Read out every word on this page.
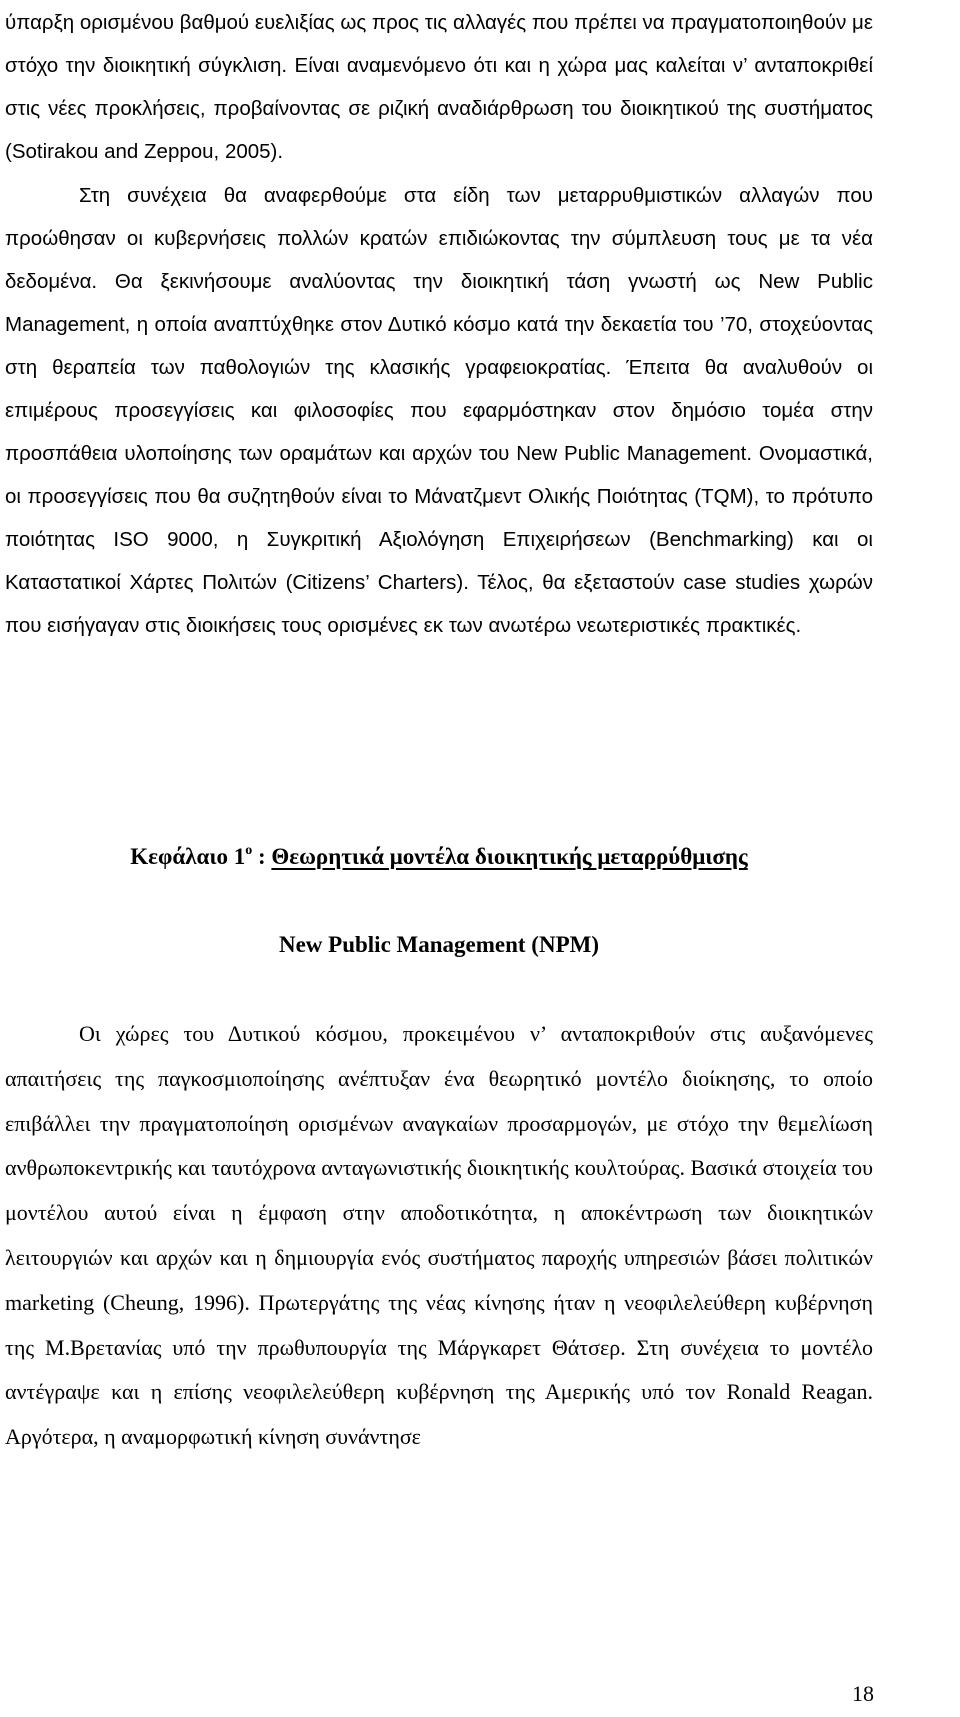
ύπαρξη ορισμένου βαθμού ευελιξίας ως προς τις αλλαγές που πρέπει να πραγματοποιηθούν με στόχο την διοικητική σύγκλιση. Είναι αναμενόμενο ότι και η χώρα μας καλείται ν’ ανταποκριθεί στις νέες προκλήσεις, προβαίνοντας σε ριζική αναδιάρθρωση του διοικητικού της συστήματος (Sotirakou and Zeppou, 2005).

Στη συνέχεια θα αναφερθούμε στα είδη των μεταρρυθμιστικών αλλαγών που προώθησαν οι κυβερνήσεις πολλών κρατών επιδιώκοντας την σύμπλευση τους με τα νέα δεδομένα. Θα ξεκινήσουμε αναλύοντας την διοικητική τάση γνωστή ως New Public Management, η οποία αναπτύχθηκε στον Δυτικό κόσμο κατά την δεκαετία του ’70, στοχεύοντας στη θεραπεία των παθολογιών της κλασικής γραφειοκρατίας. Έπειτα θα αναλυθούν οι επιμέρους προσεγγίσεις και φιλοσοφίες που εφαρμόστηκαν στον δημόσιο τομέα στην προσπάθεια υλοποίησης των οραμάτων και αρχών του New Public Management. Ονομαστικά, οι προσεγγίσεις που θα συζητηθούν είναι το Μάνατζμεντ Ολικής Ποιότητας (TQM), το πρότυπο ποιότητας ISO 9000, η Συγκριτική Αξιολόγηση Επιχειρήσεων (Benchmarking) και οι Καταστατικοί Χάρτες Πολιτών (Citizens’ Charters). Τέλος, θα εξεταστούν case studies χωρών που εισήγαγαν στις διοικήσεις τους ορισμένες εκ των ανωτέρω νεωτεριστικές πρακτικές.

Κεφάλαιο $1^o$ : Θεωρητικά μοντέλα διοικητικής μεταρρύθμισης
New Public Management (NPM)

Οι χώρες του Δυτικού κόσμου, προκειμένου ν’ ανταποκριθούν στις αυξανόμενες απαιτήσεις της παγκοσμιοποίησης ανέπτυξαν ένα θεωρητικό μοντέλο διοίκησης, το οποίο επιβάλλει την πραγματοποίηση ορισμένων αναγκαίων προσαρμογών, με στόχο την θεμελίωση ανθρωποκεντρικής και ταυτόχρονα ανταγωνιστικής διοικητικής κουλτούρας. Βασικά στοιχεία του μοντέλου αυτού είναι η έμφαση στην αποδοτικότητα, η αποκέντρωση των διοικητικών λειτουργιών και αρχών και η δημιουργία ενός συστήματος παροχής υπηρεσιών βάσει πολιτικών marketing (Cheung, 1996). Πρωτεργάτης της νέας κίνησης ήταν η νεοφιλελεύθερη κυβέρνηση της Μ.Βρετανίας υπό την πρωθυπουργία της Μάργκαρετ Θάτσερ. Στη συνέχεια το μοντέλο αντέγραψε και η επίσης νεοφιλελεύθερη κυβέρνηση της Αμερικής υπό τον Ronald Reagan. Αργότερα, η αναμορφωτική κίνηση συνάντησε

18
